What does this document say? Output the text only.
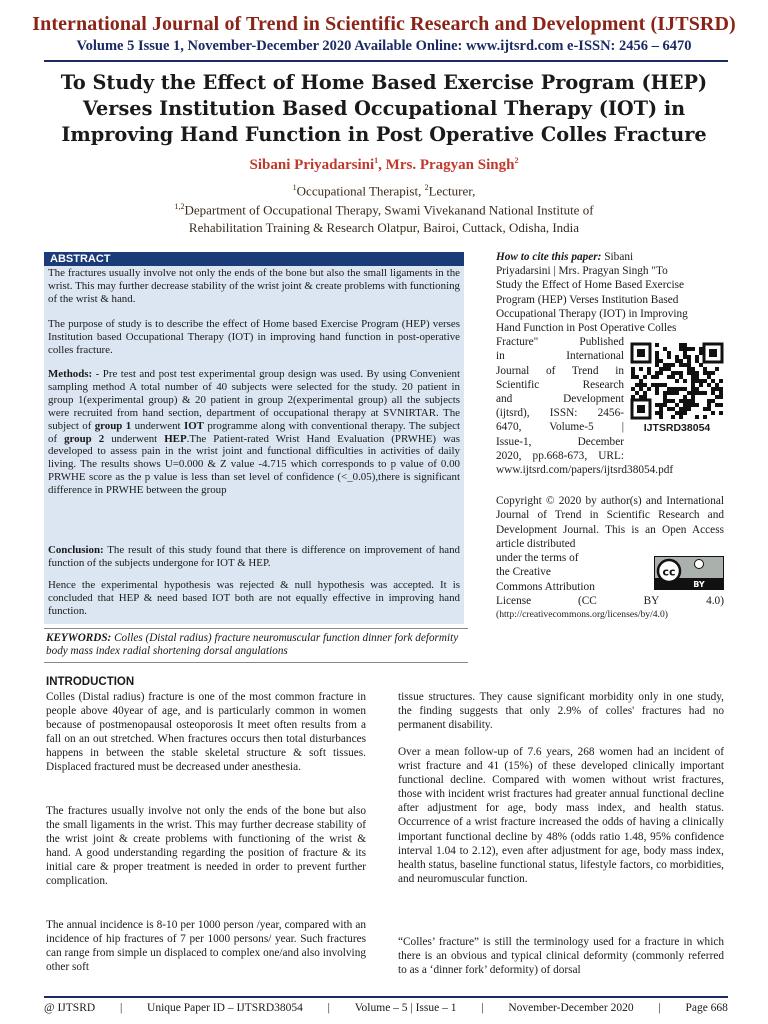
International Journal of Trend in Scientific Research and Development (IJTSRD)
Volume 5 Issue 1, November-December 2020 Available Online: www.ijtsrd.com e-ISSN: 2456 – 6470
To Study the Effect of Home Based Exercise Program (HEP)
Verses Institution Based Occupational Therapy (IOT) in
Improving Hand Function in Post Operative Colles Fracture
Sibani Priyadarsini$^1$, Mrs. Pragyan Singh$^2$
$^1$Occupational Therapist, $^2$Lecturer,
$^{1,2}$Department of Occupational Therapy, Swami Vivekanand National Institute of
Rehabilitation Training & Research Olatpur, Bairoi, Cuttack, Odisha, India
ABSTRACT
The fractures usually involve not only the ends of the bone but also the small ligaments in the wrist. This may further decrease stability of the wrist joint & create problems with functioning of the wrist & hand.
The purpose of study is to describe the effect of Home based Exercise Program (HEP) verses Institution based Occupational Therapy (IOT) in improving hand function in post-operative colles fracture.
Methods: - Pre test and post test experimental group design was used. By using Convenient sampling method A total number of 40 subjects were selected for the study. 20 patient in group 1(experimental group) & 20 patient in group 2(experimental group) all the subjects were recruited from hand section, department of occupational therapy at SVNIRTAR. The subject of group 1 underwent IOT programme along with conventional therapy. The subject of group 2 underwent HEP.The Patient-rated Wrist Hand Evaluation (PRWHE) was developed to assess pain in the wrist joint and functional difficulties in activities of daily living. The results shows U=0.000 & Z value -4.715 which corresponds to p value of 0.00 PRWHE score as the p value is less than set level of confidence (<_0.05),there is significant difference in PRWHE between the group
Conclusion: The result of this study found that there is difference on improvement of hand function of the subjects undergone for IOT & HEP.
Hence the experimental hypothesis was rejected & null hypothesis was accepted. It is concluded that HEP & need based IOT both are not equally effective in improving hand function.
KEYWORDS: Colles (Distal radius) fracture neuromuscular function dinner fork deformity body mass index radial shortening dorsal angulations
How to cite this paper: Sibani
Priyadarsini | Mrs. Pragyan Singh "To
Study the Effect of Home Based Exercise
Program (HEP) Verses Institution Based
Occupational Therapy (IOT) in Improving
Hand Function in Post Operative Colles
Fracture" Published
in International
Journal of Trend in
Scientific Research
and Development
(ijtsrd), ISSN: 2456-
6470, Volume-5 |
Issue-1, December
2020, pp.668-673, URL:
www.ijtsrd.com/papers/ijtsrd38054.pdf
IJTSRD38054
Copyright © 2020 by author(s) and International Journal of Trend in Scientific Research and Development Journal. This is an Open Access article distributed
under the terms of
the Creative
Commons Attribution
License	(CC	BY	4.0)
cc
BY
(http://creativecommons.org/licenses/by/4.0)
INTRODUCTION
Colles (Distal radius) fracture is one of the most common fracture in people above 40year of age, and is particularly common in women because of postmenopausal osteoporosis It meet often results from a fall on an out stretched. When fractures occurs then total disturbances happens in between the stable skeletal structure & soft tissues. Displaced fractured must be decreased under anesthesia.
The fractures usually involve not only the ends of the bone but also the small ligaments in the wrist. This may further decrease stability of the wrist joint & create problems with functioning of the wrist & hand. A good understanding regarding the position of fracture & its initial care & proper treatment is needed in order to prevent further complication.
The annual incidence is 8-10 per 1000 person /year, compared with an incidence of hip fractures of 7 per 1000 persons/ year. Such fractures can range from simple un displaced to complex one/and also involving other soft
tissue structures. They cause significant morbidity only in one study, the finding suggests that only 2.9% of colles' fractures had no permanent disability.
Over a mean follow-up of 7.6 years, 268 women had an incident of wrist fracture and 41 (15%) of these developed clinically important functional decline. Compared with women without wrist fractures, those with incident wrist fractures had greater annual functional decline after adjustment for age, body mass index, and health status. Occurrence of a wrist fracture increased the odds of having a clinically important functional decline by 48% (odds ratio 1.48, 95% confidence interval 1.04 to 2.12), even after adjustment for age, body mass index, health status, baseline functional status, lifestyle factors, co morbidities, and neuromuscular function.
“Colles’ fracture” is still the terminology used for a fracture in which there is an obvious and typical clinical deformity (commonly referred to as a ‘dinner fork’ deformity) of dorsal
@ IJTSRD | Unique Paper ID – IJTSRD38054 | Volume – 5 | Issue – 1 | November-December 2020 | Page 668
